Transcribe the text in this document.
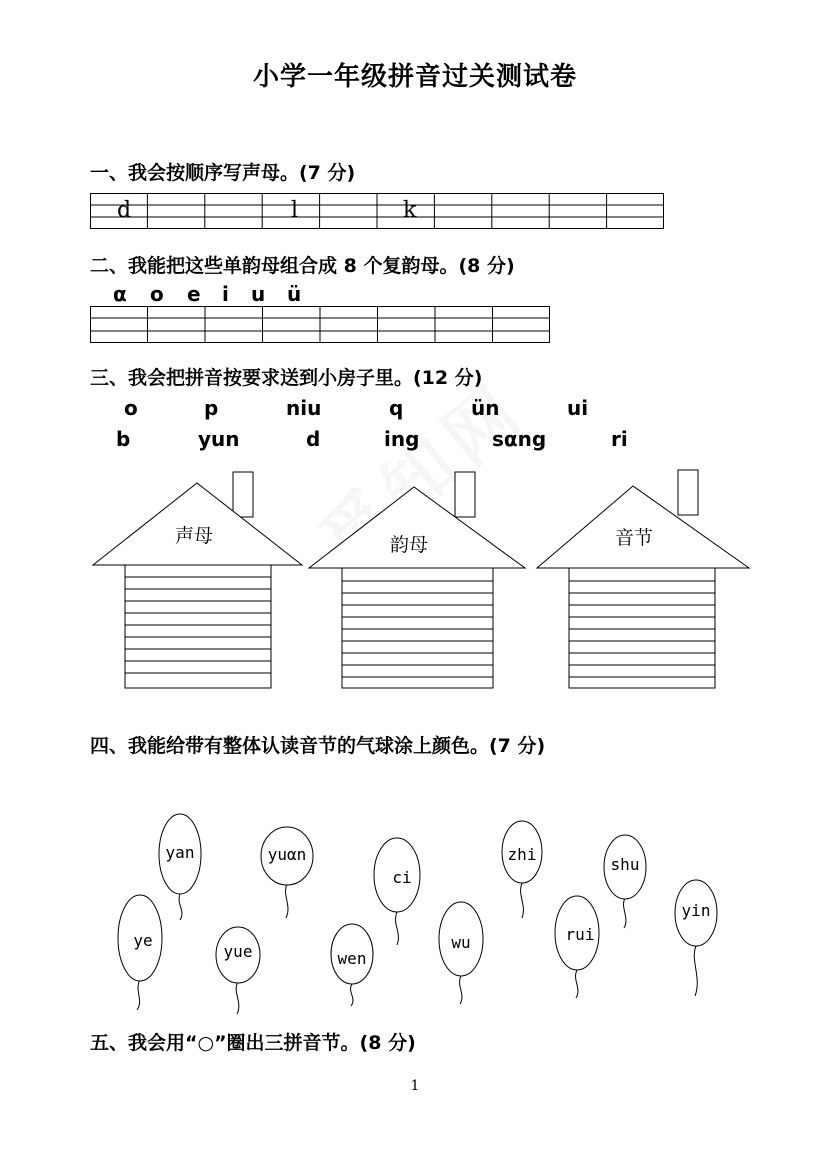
小学一年级拼音过关测试卷
一、我会按顺序写声母。(7 分)
d	l	k
二、我能把这些单韵母组合成 8 个复韵母。(8 分)
α o e i u ü
三、我会把拼音按要求送到小房子里。(12 分)
o	p	niu	q	ün	ui
b	yun	d	ing	sαng	ri
声母	韵母	音节
四、我能给带有整体认读音节的气球涂上颜色。(7 分)
yan	yuαn
ci
zhi
shu
yin
ye
yue	wen
wu	rui
五、我会用“○”圈出三拼音节。(8 分)
1
